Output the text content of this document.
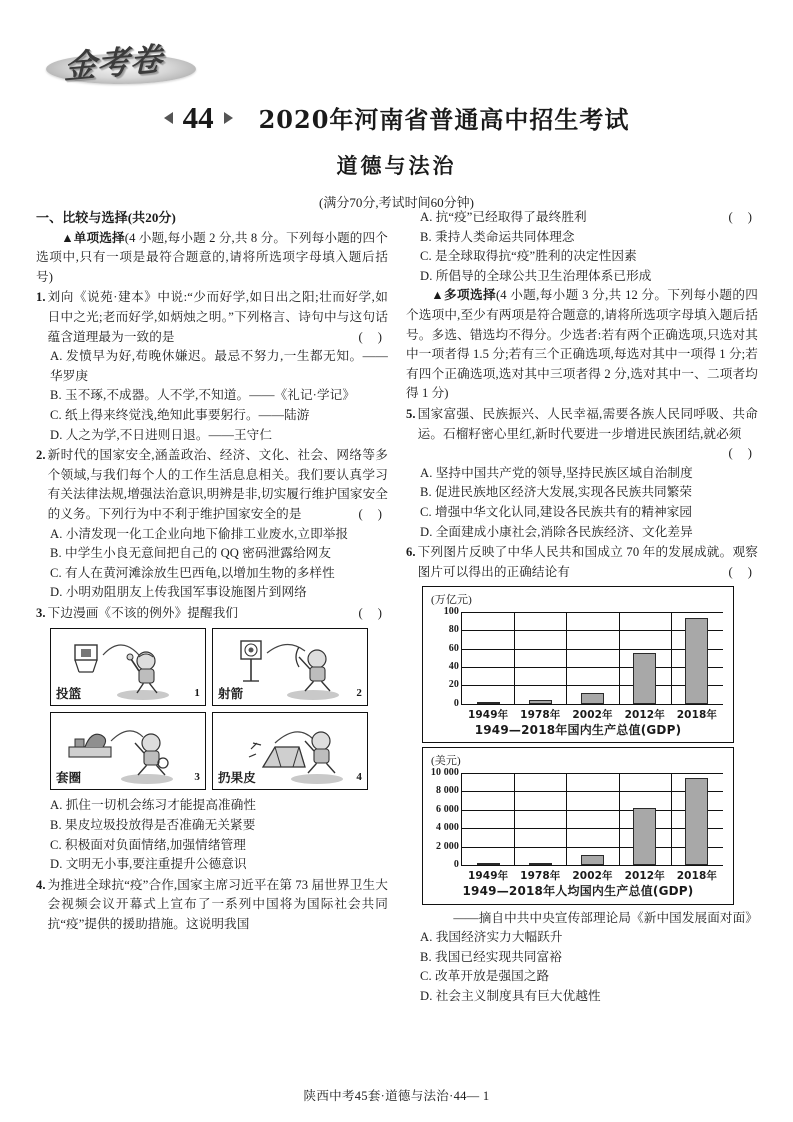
金考卷
44 2020年河南省普通高中招生考试
道德与法治
(满分70分,考试时间60分钟)
一、比较与选择(共20分)

▲单项选择(4 小题,每小题 2 分,共 8 分。下列每小题的四个选项中,只有一项是最符合题意的,请将所选项字母填入题后括号)

1. 刘向《说苑·建本》中说:“少而好学,如日出之阳;壮而好学,如日中之光;老而好学,如炳烛之明。”下列格言、诗句中与这句话蕴含道理最为一致的是	( )

A. 发愤早为好,苟晚休嫌迟。最忌不努力,一生都无知。——华罗庚

B. 玉不琢,不成器。人不学,不知道。——《礼记·学记》

C. 纸上得来终觉浅,绝知此事要躬行。——陆游

D. 人之为学,不日进则日退。——王守仁

2. 新时代的国家安全,涵盖政治、经济、文化、社会、网络等多个领域,与我们每个人的工作生活息息相关。我们要认真学习有关法律法规,增强法治意识,明辨是非,切实履行维护国家安全的义务。下列行为中不利于 ・・・维护国家安全的是	( )

A. 小清发现一化工企业向地下偷排工业废水,立即举报

B. 中学生小良无意间把自己的 QQ 密码泄露给网友

C. 有人在黄河滩涂放生巴西龟,以增加生物的多样性

D. 小明劝阻朋友上传我国军事设施图片到网络

3. 下边漫画《不该的例外》提醒我们	( )
投篮	1 射箭	2
套圈	3 扔果皮	4

A. 抓住一切机会练习才能提高准确性

B. 果皮垃圾投放得是否准确无关紧要

C. 积极面对负面情绪,加强情绪管理

D. 文明无小事,要注重提升公德意识

4. 为推进全球抗“疫”合作,国家主席习近平在第 73 届世界卫生大会视频会议开幕式上宣布了一系列中国将为国际社会共同抗“疫”提供的援助措施。这说明我国

( )

A. 抗“疫”已经取得了最终胜利

B. 秉持人类命运共同体理念

C. 是全球取得抗“疫”胜利的决定性因素

D. 所倡导的全球公共卫生治理体系已形成

▲多项选择(4 小题,每小题 3 分,共 12 分。下列每小题的四个选项中,至少有两项是符合题意的,请将所选项字母填入题后括号。多选、错选均不得分。少选者:若有两个正确选项,只选对其中一项者得 1.5 分;若有三个正确选项,每选对其中一项得 1 分;若有四个正确选项,选对其中三项者得 2 分,选对其中一、二项者均得 1 分)

5. 国家富强、民族振兴、人民幸福,需要各族人民同呼吸、共命运。石榴籽密心里红,新时代要进一步增进民族团结,就必须
( )

A. 坚持中国共产党的领导,坚持民族区域自治制度

B. 促进民族地区经济大发展,实现各民族共同繁荣

C. 增强中华文化认同,建设各民族共有的精神家园

D. 全面建成小康社会,消除各民族经济、文化差异

6. 下列图片反映了中华人民共和国成立 70 年的发展成就。观察图片可以得出的正确结论有	( )
(万亿元)
0
20
40
60
80
100
1949年 1978年 2002年 2012年 2018年
1949—2018年国内生产总值(GDP)
(美元)
0
2 000
4 000
6 000
8 000
10 000
1949年 1978年 2002年 2012年 2018年
1949—2018年人均国内生产总值(GDP)

——摘自中共中央宣传部理论局《新中国发展面对面》

A. 我国经济实力大幅跃升

B. 我国已经实现共同富裕

C. 改革开放是强国之路

D. 社会主义制度具有巨大优越性

陕西中考45套·道德与法治·44— 1
